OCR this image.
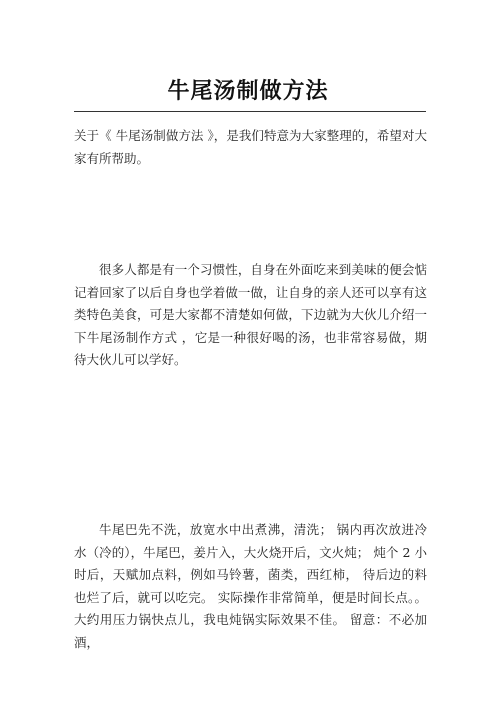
牛尾汤制做方法

关于《 牛尾汤制做方法 》，是我们特意为大家整理的，希望对大家有所帮助。

很多人都是有一个习惯性，自身在外面吃来到美味的便会惦记着回家了以后自身也学着做一做，让自身的亲人还可以享有这类特色美食，可是大家都不清楚如何做，下边就为大伙儿介绍一下牛尾汤制作方式 ，它是一种很好喝的汤，也非常容易做，期待大伙儿可以学好。

牛尾巴先不洗，放宽水中出煮沸，清洗； 锅内再次放进冷水（冷的），牛尾巴，姜片入，大火烧开后，文火炖； 炖个 2 小时后，天赋加点料，例如马铃薯，菌类，西红柿， 待后边的料也烂了后，就可以吃完。 实际操作非常简单，便是时间长点。。大约用压力锅快点儿，我电炖锅实际效果不佳。 留意：不必加酒，
